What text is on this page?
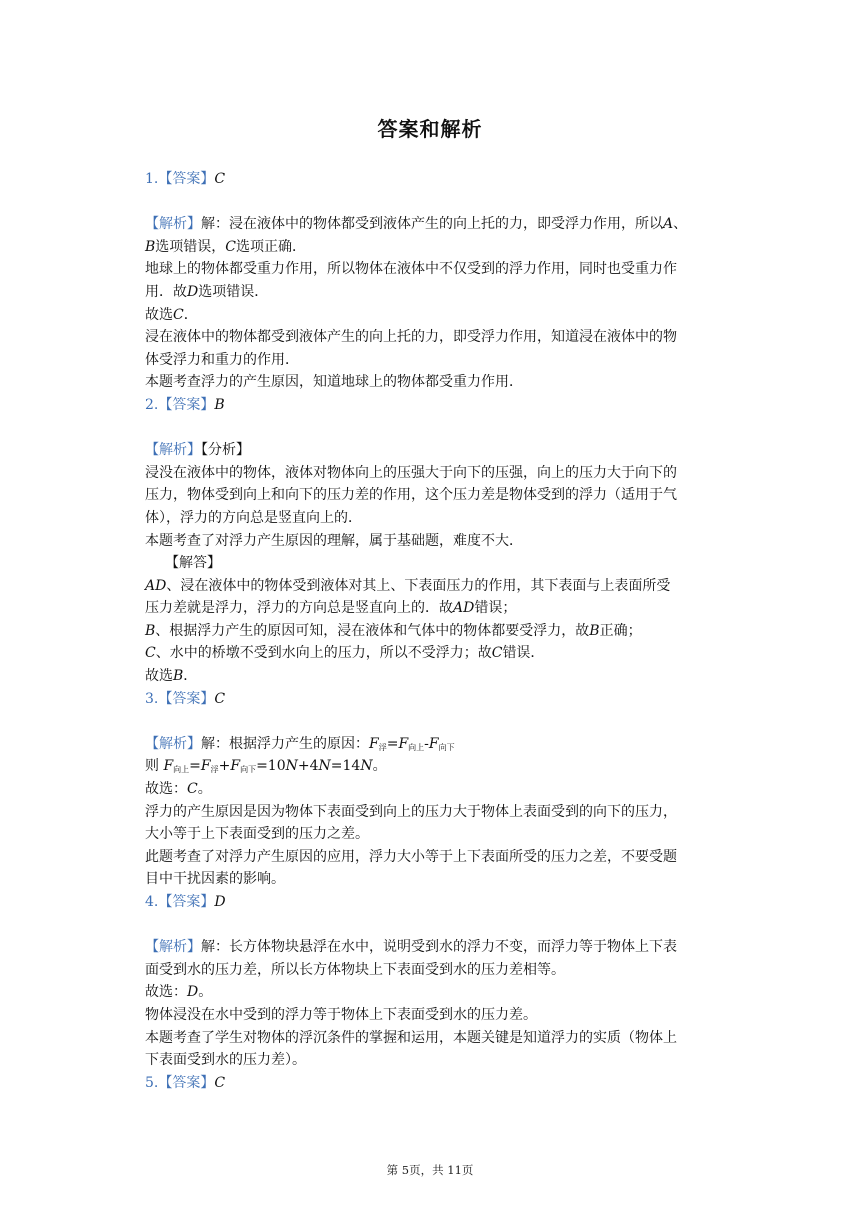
答案和解析
1.【答案】C
【解析】解：浸在液体中的物体都受到液体产生的向上托的力，即受浮力作用，所以A、
B选项错误，C选项正确．
地球上的物体都受重力作用，所以物体在液体中不仅受到的浮力作用，同时也受重力作
用．故D选项错误．
故选C．
浸在液体中的物体都受到液体产生的向上托的力，即受浮力作用，知道浸在液体中的物
体受浮力和重力的作用．
本题考查浮力的产生原因，知道地球上的物体都受重力作用．
2.【答案】B
【解析】【分析】
浸没在液体中的物体，液体对物体向上的压强大于向下的压强，向上的压力大于向下的
压力，物体受到向上和向下的压力差的作用，这个压力差是物体受到的浮力（适用于气
体），浮力的方向总是竖直向上的．
本题考查了对浮力产生原因的理解，属于基础题，难度不大．
【解答】
AD、浸在液体中的物体受到液体对其上、下表面压力的作用，其下表面与上表面所受
压力差就是浮力，浮力的方向总是竖直向上的．故AD错误；
B、根据浮力产生的原因可知，浸在液体和气体中的物体都要受浮力，故B正确；
C、水中的桥墩不受到水向上的压力，所以不受浮力；故C错误．
故选B．
3.【答案】C
【解析】解：根据浮力产生的原因：$F_浮=F_{向上}-F_{向下}$
则 $F_{向上}=F_浮+F_{向下}=10N+4N=14N$。
故选：C。
浮力的产生原因是因为物体下表面受到向上的压力大于物体上表面受到的向下的压力，
大小等于上下表面受到的压力之差。
此题考查了对浮力产生原因的应用，浮力大小等于上下表面所受的压力之差，不要受题
目中干扰因素的影响。
4.【答案】D
【解析】解：长方体物块悬浮在水中，说明受到水的浮力不变，而浮力等于物体上下表
面受到水的压力差，所以长方体物块上下表面受到水的压力差相等。
故选：D。
物体浸没在水中受到的浮力等于物体上下表面受到水的压力差。
本题考查了学生对物体的浮沉条件的掌握和运用，本题关键是知道浮力的实质（物体上
下表面受到水的压力差）。
5.【答案】C
第 5页，共 11页
